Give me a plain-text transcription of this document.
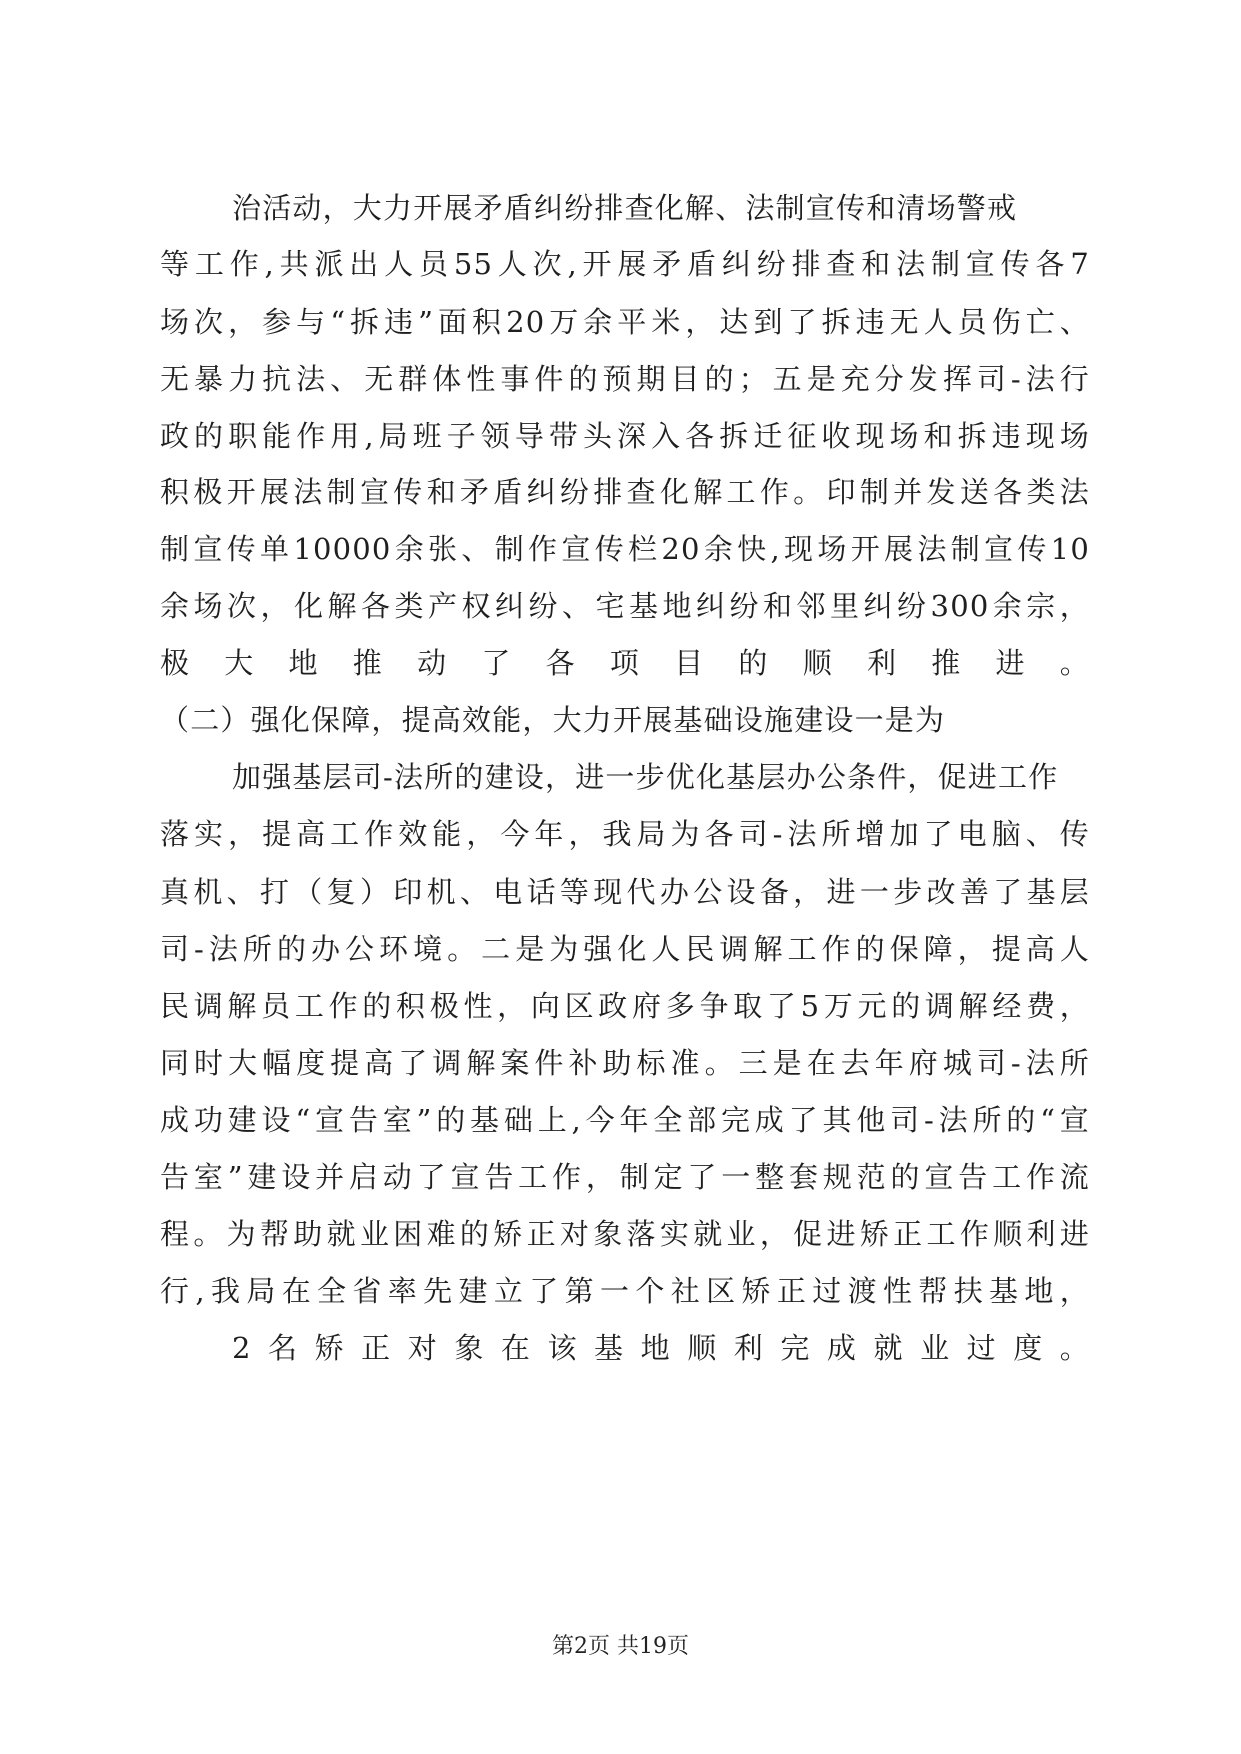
治活动，大力开展矛盾纠纷排查化解、法制宣传和清场警戒
等工作,共派出人员55人次,开展矛盾纠纷排查和法制宣传各7
场次，参与“拆违”面积20万余平米，达到了拆违无人员伤亡、
无暴力抗法、无群体性事件的预期目的；五是充分发挥司-法行
政的职能作用,局班子领导带头深入各拆迁征收现场和拆违现场
积极开展法制宣传和矛盾纠纷排查化解工作。印制并发送各类法
制宣传单10000余张、制作宣传栏20余快,现场开展法制宣传10
余场次，化解各类产权纠纷、宅基地纠纷和邻里纠纷300余宗，
极大地推动了各项目的顺利推进。
（二）强化保障，提高效能，大力开展基础设施建设一是为
加强基层司-法所的建设，进一步优化基层办公条件，促进工作
落实，提高工作效能，今年，我局为各司-法所增加了电脑、传
真机、打（复）印机、电话等现代办公设备，进一步改善了基层
司-法所的办公环境。二是为强化人民调解工作的保障，提高人
民调解员工作的积极性，向区政府多争取了5万元的调解经费，
同时大幅度提高了调解案件补助标准。三是在去年府城司-法所
成功建设“宣告室”的基础上,今年全部完成了其他司-法所的“宣
告室”建设并启动了宣告工作，制定了一整套规范的宣告工作流
程。为帮助就业困难的矫正对象落实就业，促进矫正工作顺利进
行,我局在全省率先建立了第一个社区矫正过渡性帮扶基地，
2名矫正对象在该基地顺利完成就业过度。
第2页 共19页
